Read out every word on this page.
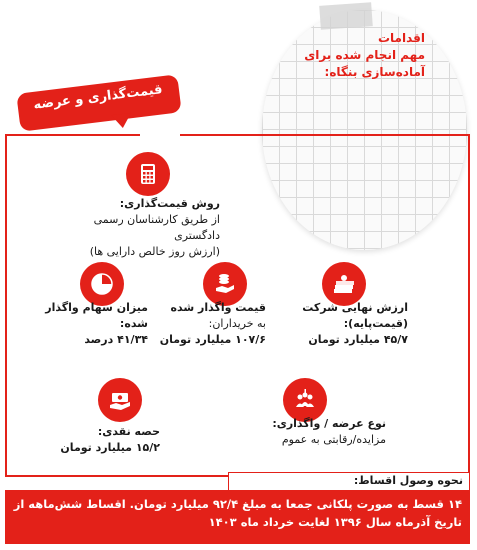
اقدامات
مهم انجام شده برای
آماده‌سازی بنگاه:
قیمت‌گذاری و عرضه
روش قیمت‌گذاری:
از طریق کارشناسان رسمی دادگستری
(ارزش روز خالص دارایی ها)
ارزش نهایی شرکت
(قیمت‌پایه):
۴۵/۷ میلیارد تومان
قیمت واگذار شده
به خریداران:
۱۰۷/۶ میلیارد تومان
میزان سهام واگذار شده:
۴۱/۳۴ درصد
نوع عرضه / واگذاری:
مزایده/رقابتی به عموم
حصه نقدی:
۱۵/۲ میلیارد تومان
نحوه وصول اقساط:
۱۴ قسط به صورت پلکانی جمعا به مبلغ ۹۲/۴ میلیارد تومان. اقساط شش‌ماهه از
تاریخ آذرماه سال ۱۳۹۶ لغایت خرداد ماه ۱۴۰۳
